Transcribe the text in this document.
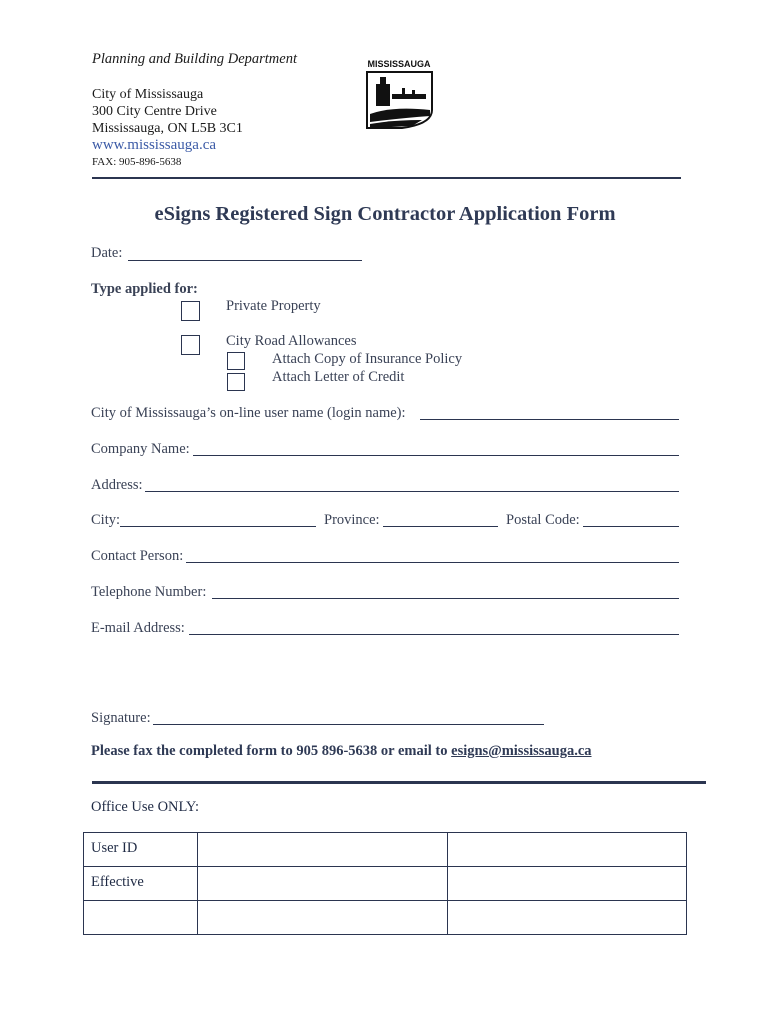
Planning and Building Department
City of Mississauga
300 City Centre Drive
Mississauga, ON L5B 3C1
www.mississauga.ca
FAX: 905-896-5638
MISSISSAUGA
eSigns Registered Sign Contractor Application Form
Date:
Type applied for:
Private Property
City Road Allowances
Attach Copy of Insurance Policy
Attach Letter of Credit
City of Mississauga’s on-line user name (login name):
Company Name:
Address:
City:	Province:	Postal Code:
Contact Person:
Telephone Number:
E-mail Address:
Signature:
Please fax the completed form to 905 896-5638 or email to esigns@mississauga.ca
Office Use ONLY:
User ID		
Effective		
